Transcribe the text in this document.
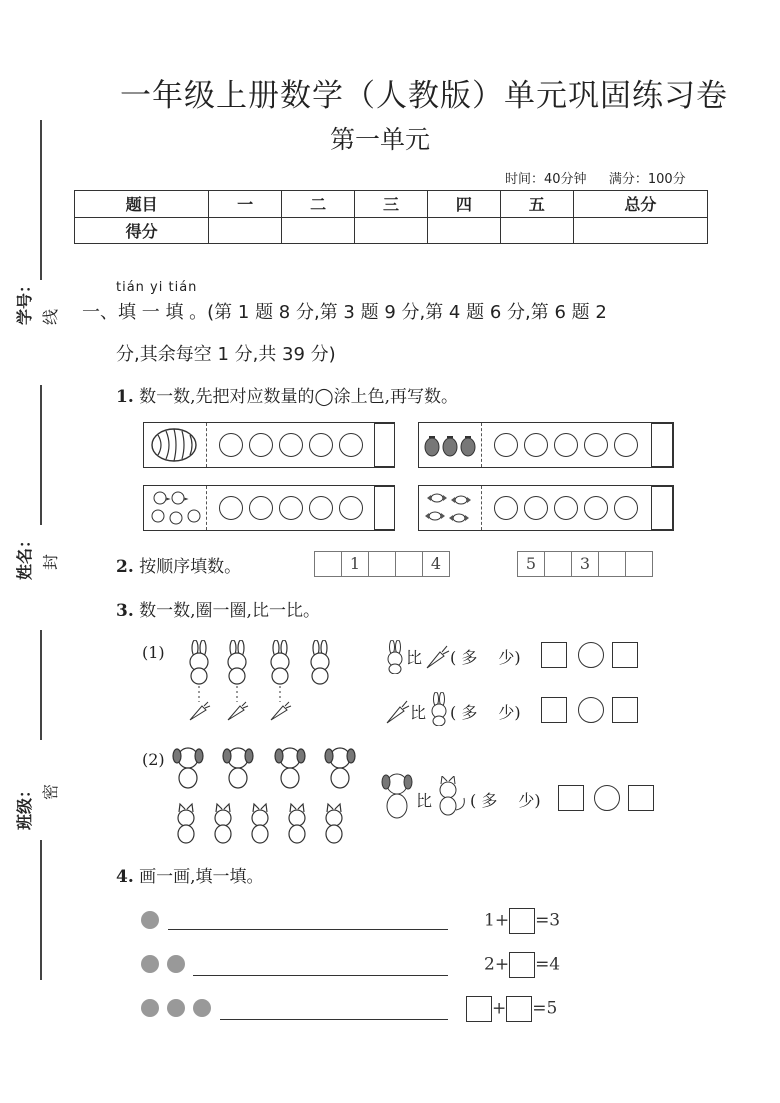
一年级上册数学（人教版）单元巩固练习卷
第一单元
时间：40分钟 满分：100分
题目	一	二	三	四	五	总分
得分						
学号：
姓名：
班级：
线
封
密
tián yi tián
一、填 一 填 。(第 1 题 8 分,第 3 题 9 分,第 4 题 6 分,第 6 题 2
分,其余每空 1 分,共 39 分)
1. 数一数,先把对应数量的◯涂上色,再写数。
2. 按顺序填数。	1	4	5	3
3. 数一数,圈一圈,比一比。
(1)	比 ( 多　 少)
比 ( 多　 少)
(2)
比 ( 多　 少)
4. 画一画,填一填。
1+ =3
2+ =4
+ =5
